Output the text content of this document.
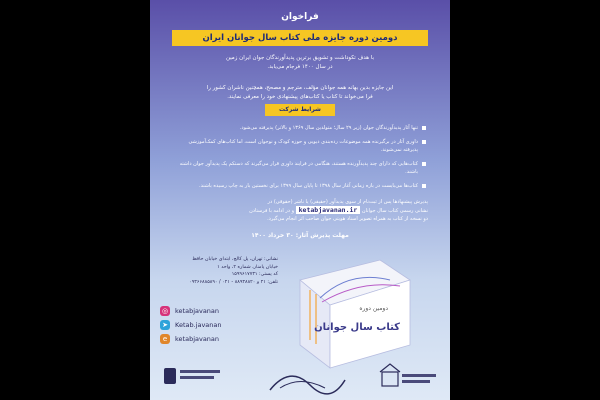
فراخوان
دومین دوره جایزه ملی کتاب سال جوانان ایران
با هدف تکوداشت و تشویق برترین پدیدآورندگان جوان ایران زمین
در سال ۱۴۰۰ فرجام می‌یابد.
این جایزه بدین بهانه همه جوانان مؤلف، مترجم و مصحح، همچنین ناشران کشور را
فرا می‌خواند تا کتاب یا کتاب‌های پیشنهادی خود را معرفی نمایند.
شرایط شرکت
تنها آثار پدیدآورندگان جوان (زیر ۲۹ سال؛ متولدین سال ۱۳۶۹ و بالاتر) پذیرفته می‌شود.
داوری آثار در برگیرنده همه موضوعات رده‌بندی دیویی و حوزه کودک و نوجوان است، اما کتاب‌های کمک‌آموزشی پذیرفته نمی‌شوند.
کتاب‌هایی که دارای چند پدیدآورنده هستند، هنگامی در فرایند داوری قرار می‌گیرند که دستکم یک پدیدآور جوان داشته باشند.
کتاب‌ها می‌بایست در بازه زمانی آغاز سال ۱۳۹۸ تا پایان سال ۱۳۹۹ برای نخستین بار به چاپ رسیده باشند.
پذیرش پیشنهادها پس از ثبت‌نام از سوی پدیدآور (حقیقی) یا ناشر (حقوقی) در
نشانی رسمی کتاب سال جوانان ketabjavanan.ir و در ادامه با فرستادن
دو نسخه از کتاب به همراه تصویر اسناد هویتی جوان صاحب اثر انجام می‌گیرد.
مهلت پذیرش آثار: ۳۰ خرداد ۱۴۰۰
نشانی: تهران، پل کالج، ابتدای خیابان حافظ
خیابان پامنار، شماره ۲، واحد ۱
کد پستی: ۱۵۹۹۶۱۷۷۳۱
تلفن: ۲۱ و ۸۸۹۳۸۸۲۰ - ۰۲۱ / ۰۹۳۶۶۸۸۵۸۹۰
دومین دوره
کتاب سال جوانان
◎	ketabjavanan
➤	Ketab.javanan
e	ketabjavanan
